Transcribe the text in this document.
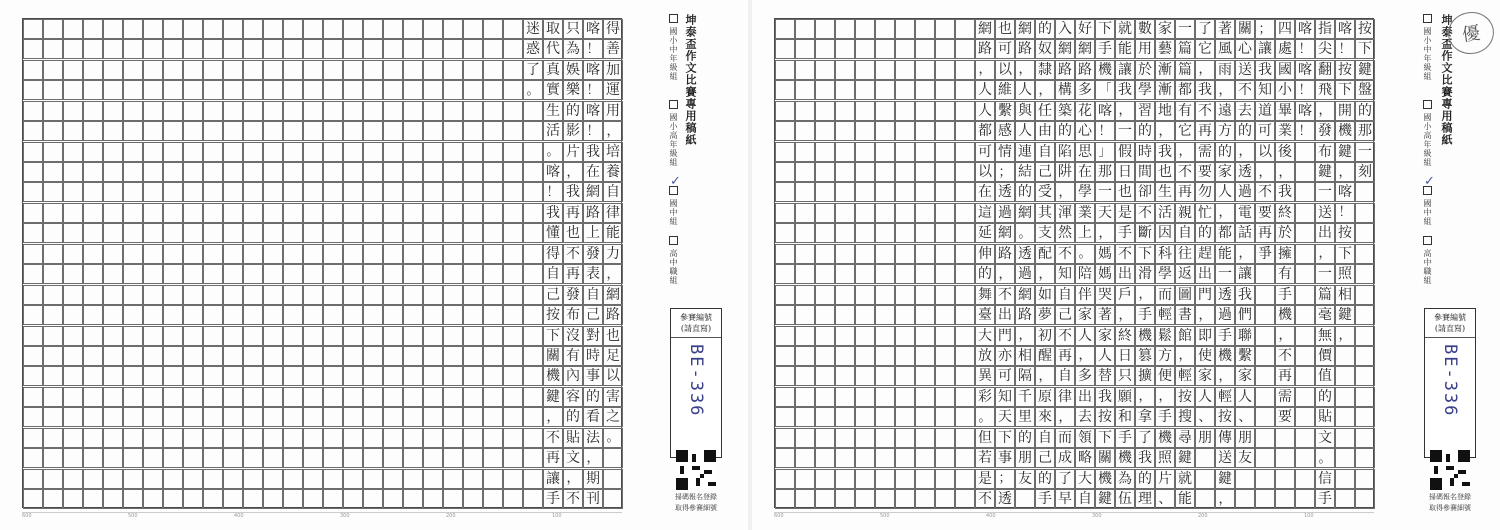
迷
惑
了
。
取
代
真
實
生
活
。
喀
！
我
懂
得
自
己
按
下
關
機
鍵
，
不
再
讓
手
只
為
娛
樂
的
影
片
，
我
再
也
不
再
發
布
沒
有
內
容
的
貼
文
，
不
喀
！
喀
！
喀
！
我
在
網
路
上
發
表
自
己
對
時
事
的
看
法
，
期
刊
得
善
加
運
用
，
培
養
自
律
能
力
，
網
路
也
足
以
害
之
。
600	500	400	300	200	100
坤泰盃作文比賽專用稿紙
國小中年級組
國小高年級組
國中組
✓
高中職組
參賽編號
(請直寫)
BE-336
掃碼報名登錄
取得參賽細號
網
路
，
人
人
都
可
以
在
這
延
伸
的
舞
臺
大
放
異
彩
。
但
若
是
不
也
可
以
維
繫
感
情
；
透
過
網
路
，
不
出
門
亦
可
知
天
下
事
；
透
網
路
，
人
與
人
連
結
的
網
。
透
過
網
路
，
相
隔
千
里
的
朋
友
的
奴
隸
，
任
由
自
己
受
其
支
配
，
如
夢
初
醒
，
原
來
自
己
的
手
入
網
路
構
築
的
陷
阱
，
渾
然
不
知
自
己
不
再
自
律
，
而
成
了
早
好
網
路
多
花
心
思
在
學
業
上
。
陪
伴
家
人
，
多
出
去
領
略
大
自
下
手
機
「
喀
！
」
那
一
天
，
媽
媽
哭
著
家
人
替
我
按
下
關
機
鍵
就
能
讓
我
，
一
假
日
也
是
手
不
出
戶
，
終
日
只
願
和
手
機
為
伍
數
用
於
學
習
的
時
間
卻
不
斷
下
滑
，
手
機
篡
擴
，
拿
了
我
的
理
家
藝
漸
漸
地
，
我
也
生
活
因
科
學
而
輕
鬆
方
便
，
手
機
照
片
、
一
篇
篇
都
有
它
，
不
再
親
自
往
返
圖
書
館
，
輕
按
搜
尋
鍵
就
能
了
它
，
我
不
再
需
要
勿
忙
的
趕
出
門
，
即
使
家
人
、
朋
著
風
雨
，
遠
方
的
家
人
，
都
能
一
透
過
手
機
，
輕
按
傳
送
鍵
，
關
心
送
不
去
的
，
透
過
電
話
，
讓
我
們
聯
繫
家
人
、
朋
友
；
讓
我
知
道
可
以
，
不
要
再
爭
四
處
國
小
畢
業
後
，
我
終
於
擁
有
手
機
，
不
再
需
要
喀
！
喀
！
喀
！
指
尖
翻
飛
，
發
布
鍵
一
送
出
，
一
篇
毫
無
價
值
的
貼
文
。
信
手
喀
！
按
下
開
機
鍵
，
喀
！
按
下
照
相
鍵
，
按
下
鍵
盤
的
那
一
刻
600	500	400	300	200	100
坤泰盃作文比賽專用稿紙
國小中年級組
國小高年級組
國中組
✓
高中職組
參賽編號
(請直寫)
BE-336
掃碼報名登錄
取得參賽細號
優
